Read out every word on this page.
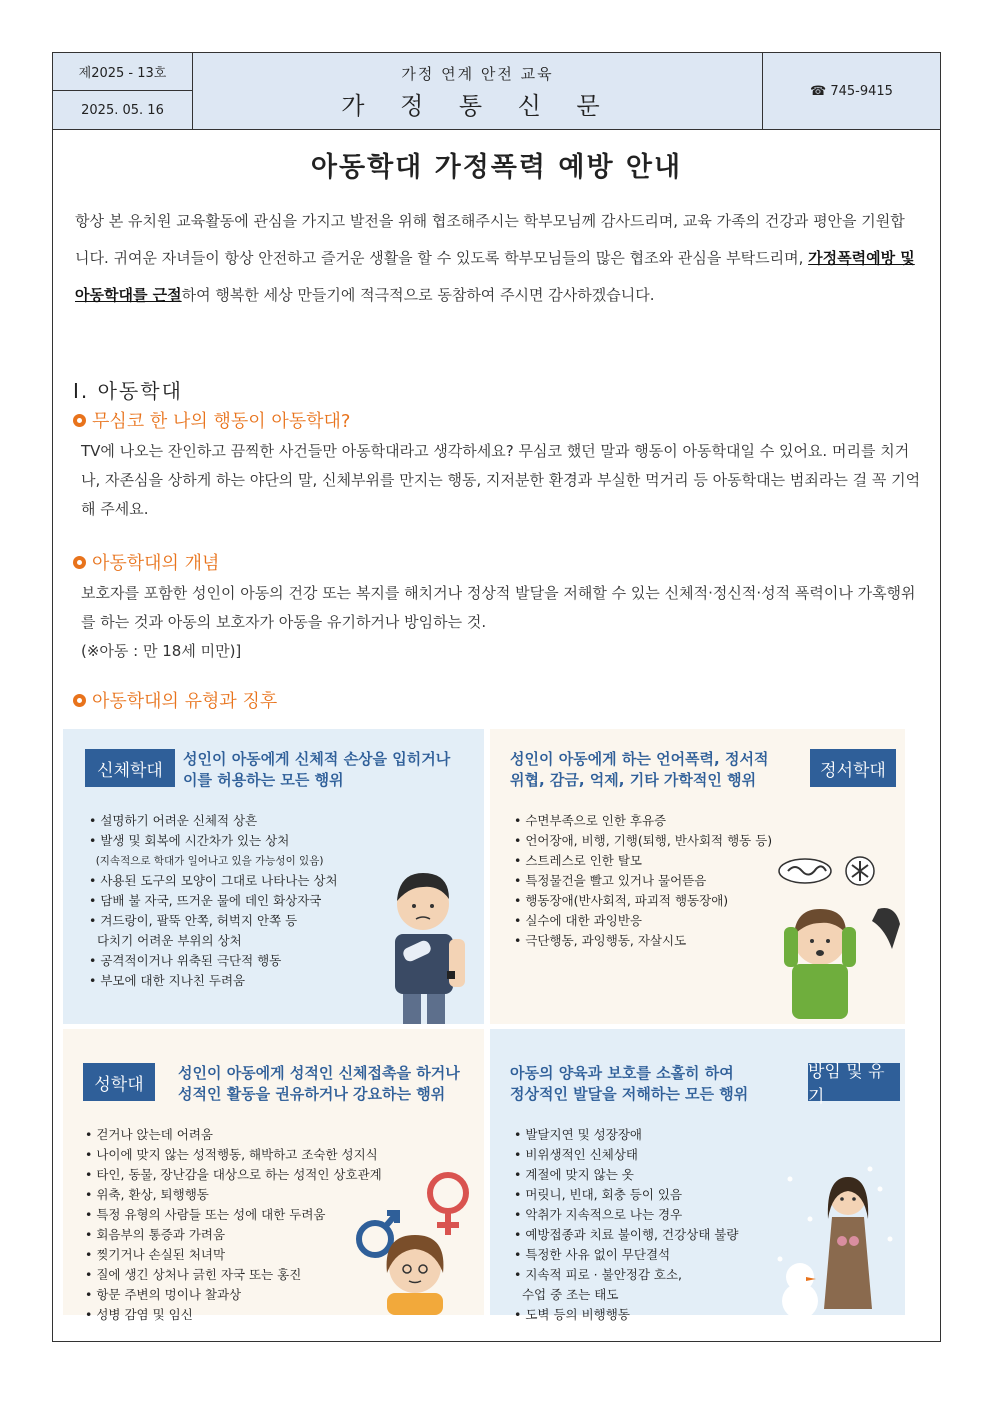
제2025 - 13호
2025. 05. 16
가정 연계 안전 교육
가 정 통 신 문
☎ 745-9415
아동학대 가정폭력 예방 안내
항상 본 유치원 교육활동에 관심을 가지고 발전을 위해 협조해주시는 학부모님께 감사드리며, 교육 가족의 건강과 평안을 기원합니다. 귀여운 자녀들이 항상 안전하고 즐거운 생활을 할 수 있도록 학부모님들의 많은 협조와 관심을 부탁드리며, 가정폭력예방 및 아동학대를 근절하여 행복한 세상 만들기에 적극적으로 동참하여 주시면 감사하겠습니다.
Ⅰ. 아동학대
무심코 한 나의 행동이 아동학대?
TV에 나오는 잔인하고 끔찍한 사건들만 아동학대라고 생각하세요? 무심코 했던 말과 행동이 아동학대일 수 있어요. 머리를 치거나, 자존심을 상하게 하는 야단의 말, 신체부위를 만지는 행동, 지저분한 환경과 부실한 먹거리 등 아동학대는 범죄라는 걸 꼭 기억해 주세요.
아동학대의 개념
보호자를 포함한 성인이 아동의 건강 또는 복지를 해치거나 정상적 발달을 저해할 수 있는 신체적·정신적·성적 폭력이나 가혹행위를 하는 것과 아동의 보호자가 아동을 유기하거나 방임하는 것.
(※아동 : 만 18세 미만)]
아동학대의 유형과 징후
신체학대
성인이 아동에게 신체적 손상을 입히거나
이를 허용하는 모든 행위
• 설명하기 어려운 신체적 상흔
• 발생 및 회복에 시간차가 있는 상처
(지속적으로 학대가 일어나고 있을 가능성이 있음)
• 사용된 도구의 모양이 그대로 나타나는 상처
• 담배 불 자국, 뜨거운 물에 데인 화상자국
• 겨드랑이, 팔뚝 안쪽, 허벅지 안쪽 등
다치기 어려운 부위의 상처
• 공격적이거나 위축된 극단적 행동
• 부모에 대한 지나친 두려움
성인이 아동에게 하는 언어폭력, 정서적
위협, 감금, 억제, 기타 가학적인 행위	정서학대
• 수면부족으로 인한 후유증
• 언어장애, 비행, 기행(퇴행, 반사회적 행동 등)
• 스트레스로 인한 탈모
• 특정물건을 빨고 있거나 물어뜯음
• 행동장애(반사회적, 파괴적 행동장애)
• 실수에 대한 과잉반응
• 극단행동, 과잉행동, 자살시도
성학대
성인이 아동에게 성적인 신체접촉을 하거나
성적인 활동을 권유하거나 강요하는 행위
• 걷거나 앉는데 어려움
• 나이에 맞지 않는 성적행동, 해박하고 조숙한 성지식
• 타인, 동물, 장난감을 대상으로 하는 성적인 상호관계
• 위축, 환상, 퇴행행동
• 특정 유형의 사람들 또는 성에 대한 두려움
• 회음부의 통증과 가려움
• 찢기거나 손실된 처녀막
• 질에 생긴 상처나 긁힌 자국 또는 홍진
• 항문 주변의 멍이나 찰과상
• 성병 감염 및 임신
아동의 양육과 보호를 소홀히 하여
정상적인 발달을 저해하는 모든 행위
방임 및 유기
• 발달지연 및 성장장애
• 비위생적인 신체상태
• 계절에 맞지 않는 옷
• 머릿니, 빈대, 회충 등이 있음
• 악취가 지속적으로 나는 경우
• 예방접종과 치료 불이행, 건강상태 불량
• 특정한 사유 없이 무단결석
• 지속적 피로 · 불안정감 호소,
수업 중 조는 태도
• 도벽 등의 비행행동
